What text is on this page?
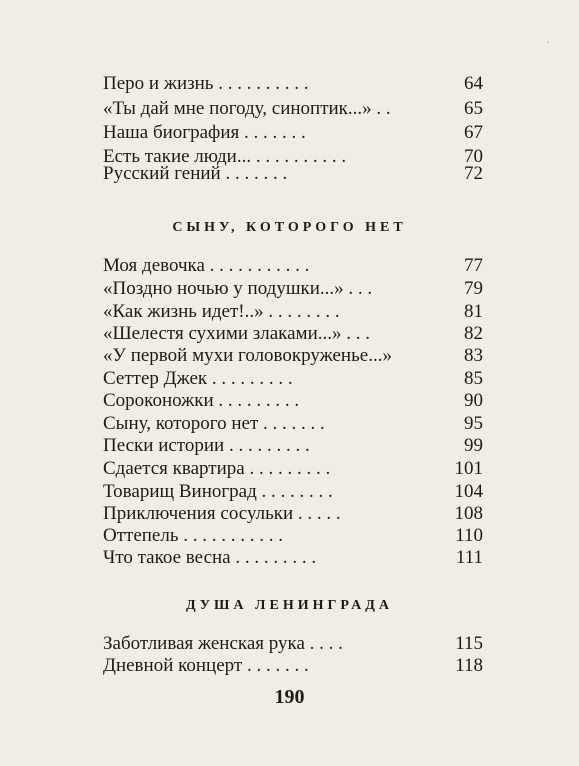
'
Перо и жизнь . . . . . . . . . .	64
«Ты дай мне погоду, синоптик...» . .	65
Наша биография . . . . . . .	67
Есть такие люди... . . . . . . . . . .	70
Русский гений . . . . . . .	72
СЫНУ, КОТОРОГО НЕТ
Моя девочка . . . . . . . . . . .	77
«Поздно ночью у подушки...» . . .	79
«Как жизнь идет!..» . . . . . . . .	81
«Шелестя сухими злаками...» . . .	82
«У первой мухи головокруженье...»	83
Сеттер Джек . . . . . . . . .	85
Сороконожки . . . . . . . . .	90
Сыну, которого нет . . . . . . .	95
Пески истории . . . . . . . . .	99
Сдается квартира . . . . . . . . .	101
Товарищ Виноград . . . . . . . .	104
Приключения сосульки . . . . .	108
Оттепель . . . . . . . . . . .	110
Что такое весна . . . . . . . . .	111
ДУША ЛЕНИНГРАДА
Заботливая женская рука . . . .	115
Дневной концерт . . . . . . .	118
190
